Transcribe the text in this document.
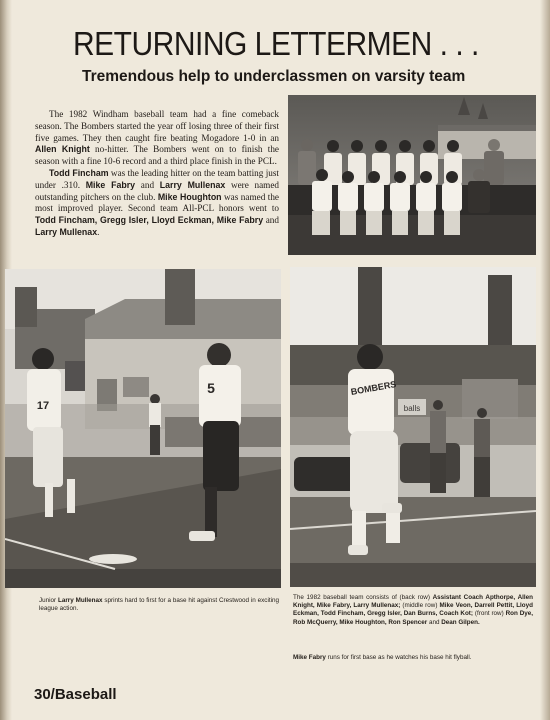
RETURNING LETTERMEN . . .
Tremendous help to underclassmen on varsity team

The 1982 Windham baseball team had a fine comeback season. The Bombers started the year off losing three of their first five games. They then caught fire beating Mogadore 1-0 in an Allen Knight no-hitter. The Bombers went on to finish the season with a fine 10-6 record and a third place finish in the PCL.

Todd Fincham was the leading hitter on the team batting just under .310. Mike Fabry and Larry Mullenax were named outstanding pitchers on the club. Mike Houghton was named the most improved player. Second team All-PCL honors went to Todd Fincham, Gregg Isler, Lloyd Eckman, Mike Fabry and Larry Mullenax.

17
5
balls
BOMBERS
Junior Larry Mullenax sprints hard to first for a base hit against Crestwood in exciting league action.
The 1982 baseball team consists of (back row) Assistant Coach Apthorpe, Allen Knight, Mike Fabry, Larry Mullenax; (middle row) Mike Veon, Darrell Pettit, Lloyd Eckman, Todd Fincham, Gregg Isler, Dan Burns, Coach Kot; (front row) Ron Dye, Rob McQuerry, Mike Houghton, Ron Spencer and Dean Gilpen.
Mike Fabry runs for first base as he watches his base hit flyball.
30/Baseball
